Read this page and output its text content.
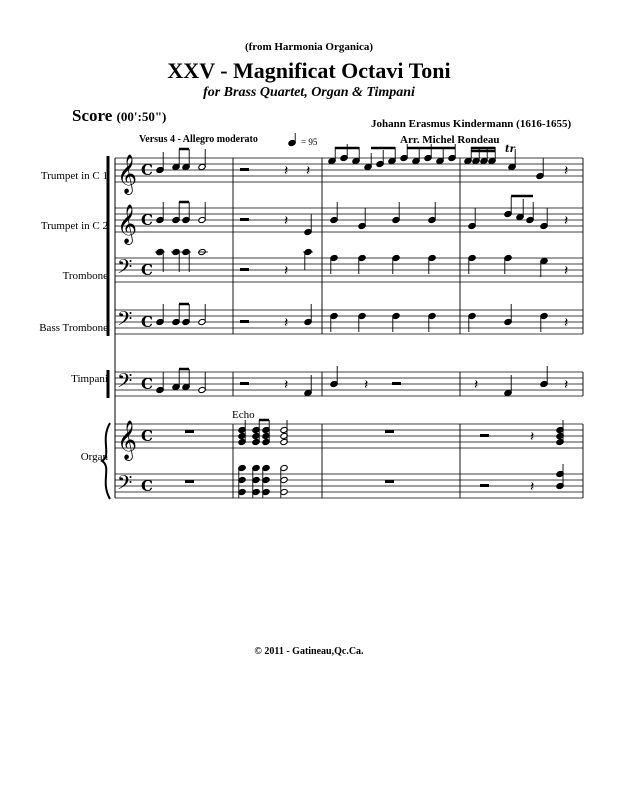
(from Harmonia Organica)
XXV - Magnificat Octavi Toni
for Brass Quartet, Organ & Timpani
Score (00':50")	Johann Erasmus Kindermann (1616-1655)
Arr. Michel Rondeau
Versus 4 - Allegro moderato	= 95
Echo
Trumpet in C 1
Trumpet in C 2
Trombone
Bass Trombone
Timpani
Organ
𝄞 C
𝄞 C
𝄢 C
𝄢 C
𝄢 C
𝄞 C
𝄢 C
𝄽 𝄽	𝄽
tr
𝄽	𝄽
𝄽	𝄽
𝄽	𝄽
𝄽	𝄽	𝄽	𝄽
𝄽
𝄽
© 2011 - Gatineau,Qc.Ca.
